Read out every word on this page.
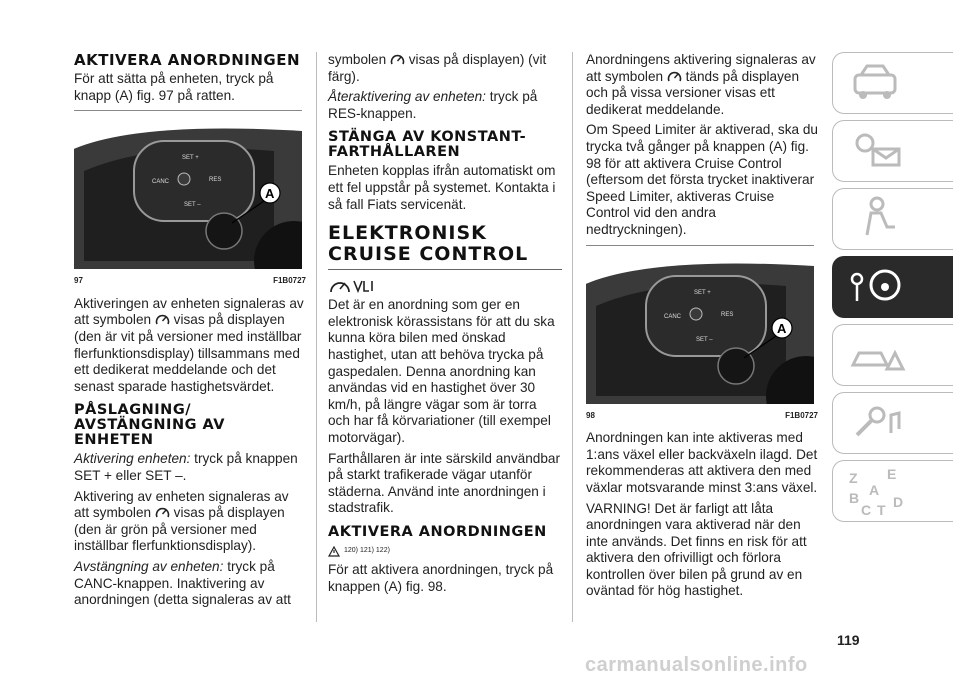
AKTIVERA ANORDNINGEN

För att sätta på enheten, tryck på knapp (A) fig. 97 på ratten.

SET +
SET –
CANC	RES
A
97	F1B0727

Aktiveringen av enheten signaleras av att symbolen visas på displayen (den är vit på versioner med inställbar flerfunktionsdisplay) tillsammans med ett dedikerat meddelande och det senast sparade hastighetsvärdet.

PÅSLAGNING/ AVSTÄNGNING AV ENHETEN

Aktivering enheten: tryck på knappen SET + eller SET –.

Aktivering av enheten signaleras av att symbolen visas på displayen (den är grön på versioner med inställbar flerfunktionsdisplay).

Avstängning av enheten: tryck på CANC-knappen. Inaktivering av anordningen (detta signaleras av att

symbolen visas på displayen) (vit färg).

Återaktivering av enheten: tryck på RES-knappen.

STÄNGA AV KONSTANT-FARTHÅLLAREN

Enheten kopplas ifrån automatiskt om ett fel uppstår på systemet. Kontakta i så fall Fiats servicenät.

ELEKTRONISK CRUISE CONTROL

Det är en anordning som ger en elektronisk körassistans för att du ska kunna köra bilen med önskad hastighet, utan att behöva trycka på gaspedalen. Denna anordning kan användas vid en hastighet över 30 km/h, på längre vägar som är torra och har få körvariationer (till exempel motorvägar).

Farthållaren är inte särskild användbar på starkt trafikerade vägar utanför städerna. Använd inte anordningen i stadstrafik.

AKTIVERA ANORDNINGEN
120) 121) 122)

För att aktivera anordningen, tryck på knappen (A) fig. 98.

Anordningens aktivering signaleras av att symbolen tänds på displayen och på vissa versioner visas ett dedikerat meddelande.

Om Speed Limiter är aktiverad, ska du trycka två gånger på knappen (A) fig. 98 för att aktivera Cruise Control (eftersom det första trycket inaktiverar Speed Limiter, aktiveras Cruise Control vid den andra nedtryckningen).

SET +
SET –
CANC	RES
A
98	F1B0727

Anordningen kan inte aktiveras med 1:ans växel eller backväxeln ilagd. Det rekommenderas att aktivera den med växlar motsvarande minst 3:ans växel.

VARNING! Det är farligt att låta anordningen vara aktiverad när den inte används. Det finns en risk för att aktivera den ofrivilligt och förlora kontrollen över bilen på grund av en oväntad för hög hastighet.

Z E
A
B
C D
T
119
carmanualsonline.info
